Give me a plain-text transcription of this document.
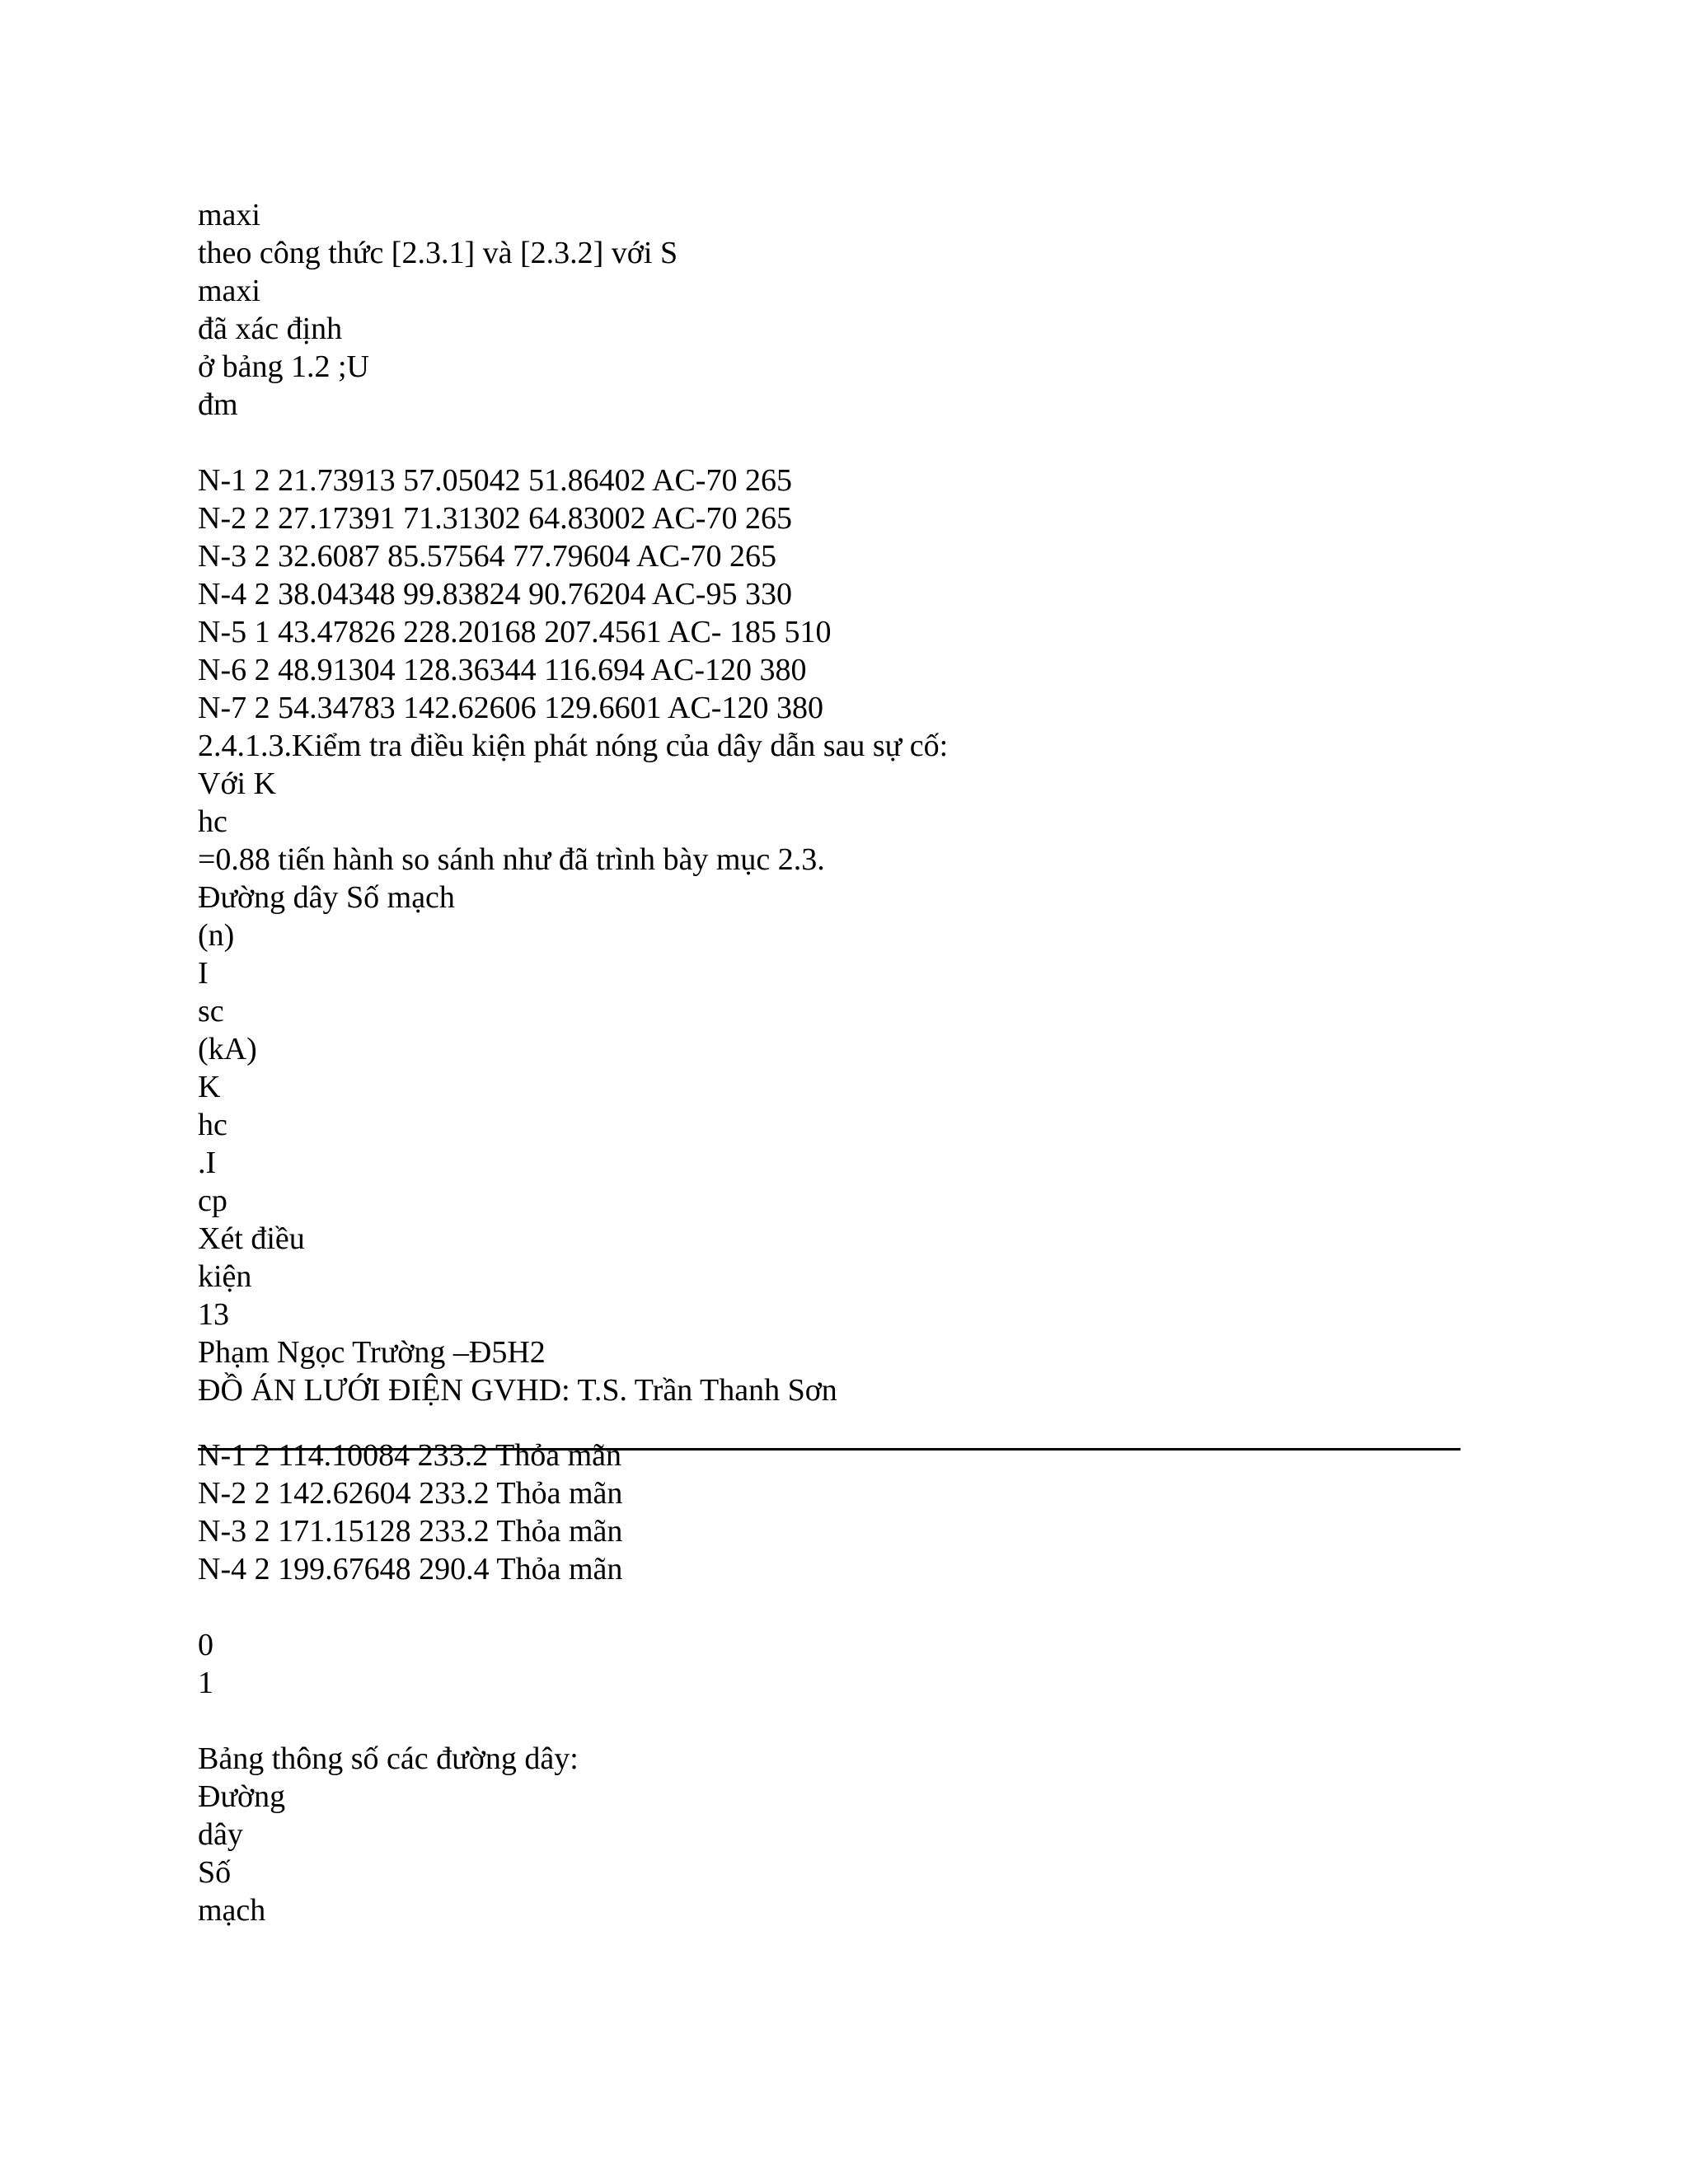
maxi
theo công thức [2.3.1] và [2.3.2] với S
maxi
đã xác định
ở bảng 1.2 ;U
đm
N-1 2 21.73913 57.05042 51.86402 AC-70 265
N-2 2 27.17391 71.31302 64.83002 AC-70 265
N-3 2 32.6087 85.57564 77.79604 AC-70 265
N-4 2 38.04348 99.83824 90.76204 AC-95 330
N-5 1 43.47826 228.20168 207.4561 AC- 185 510
N-6 2 48.91304 128.36344 116.694 AC-120 380
N-7 2 54.34783 142.62606 129.6601 AC-120 380
2.4.1.3.Kiểm tra điều kiện phát nóng của dây dẫn sau sự cố:
Với K
hc
=0.88 tiến hành so sánh như đã trình bày mục 2.3.
Đường dây Số mạch
(n)
I
sc
(kA)
K
hc
.I
cp
Xét điều
kiện
13
Phạm Ngọc Trường –Đ5H2
ĐỒ ÁN LƯỚI ĐIỆN GVHD: T.S. Trần Thanh Sơn
N-1 2 114.10084 233.2 Thỏa mãn
N-2 2 142.62604 233.2 Thỏa mãn
N-3 2 171.15128 233.2 Thỏa mãn
N-4 2 199.67648 290.4 Thỏa mãn
0
1
Bảng thông số các đường dây:
Đường
dây
Số
mạch
